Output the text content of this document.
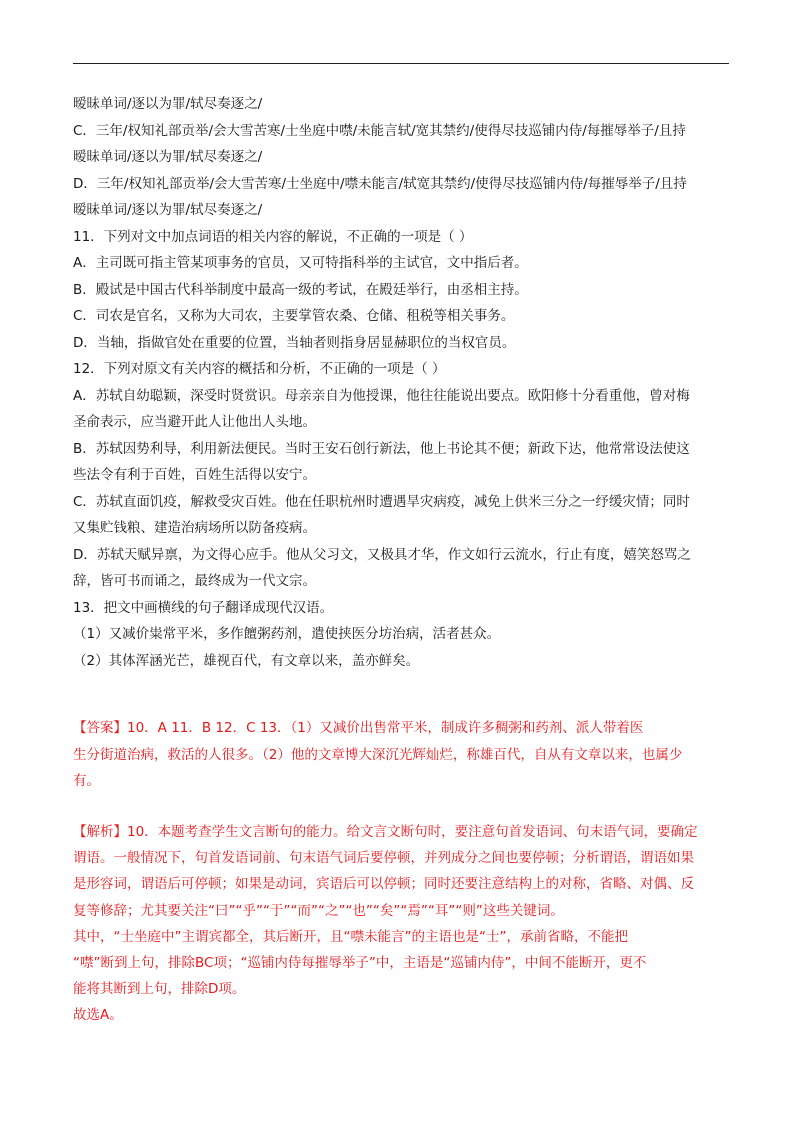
暧昧单词/逐以为罪/轼尽奏逐之/
C．三年/权知礼部贡举/会大雪苦寒/士坐庭中噤/未能言轼/宽其禁约/使得尽技巡铺内侍/每摧辱举子/且持
暧昧单词/逐以为罪/轼尽奏逐之/
D．三年/权知礼部贡举/会大雪苦寒/士坐庭中/噤未能言/轼宽其禁约/使得尽技巡铺内侍/每摧辱举子/且持
暧昧单词/逐以为罪/轼尽奏逐之/
11．下列对文中加点词语的相关内容的解说，不正确的一项是（ ）
A．主司既可指主管某项事务的官员，又可特指科举的主试官，文中指后者。
B．殿试是中国古代科举制度中最高一级的考试，在殿廷举行，由丞相主持。
C．司农是官名，又称为大司农，主要掌管农桑、仓储、租税等相关事务。
D．当轴，指做官处在重要的位置，当轴者则指身居显赫职位的当权官员。
12．下列对原文有关内容的概括和分析，不正确的一项是（ ）
A．苏轼自幼聪颖，深受时贤赏识。母亲亲自为他授课，他往往能说出要点。欧阳修十分看重他，曾对梅
圣俞表示，应当避开此人让他出人头地。
B．苏轼因势利导，利用新法便民。当时王安石创行新法，他上书论其不便；新政下达，他常常设法使这
些法令有利于百姓，百姓生活得以安宁。
C．苏轼直面饥疫，解救受灾百姓。他在任职杭州时遭遇旱灾病疫，减免上供米三分之一纾缓灾情；同时
又集贮钱粮、建造治病场所以防备疫病。
D．苏轼天赋异禀，为文得心应手。他从父习文，又极具才华，作文如行云流水，行止有度，嬉笑怒骂之
辞，皆可书而诵之，最终成为一代文宗。
13．把文中画横线的句子翻译成现代汉语。
（1）又减价粜常平米，多作饘粥药剂，遣使挟医分坊治病，活者甚众。
（2）其体浑涵光芒，雄视百代，有文章以来，盖亦鲜矣。
【答案】10．A 11．B 12．C 13．（1）又减价出售常平米，制成许多稠粥和药剂、派人带着医
生分街道治病，救活的人很多。（2）他的文章博大深沉光辉灿烂，称雄百代，自从有文章以来，也属少
有。
【解析】10．本题考查学生文言断句的能力。给文言文断句时，要注意句首发语词、句末语气词，要确定
谓语。一般情况下，句首发语词前、句末语气词后要停顿，并列成分之间也要停顿；分析谓语，谓语如果
是形容词，谓语后可停顿；如果是动词，宾语后可以停顿；同时还要注意结构上的对称，省略、对偶、反
复等修辞；尤其要关注“曰”“乎”“于”“而”“之”“也”“矣”“焉”“耳”“则”这些关键词。
其中，“士坐庭中”主谓宾都全，其后断开，且“噤未能言”的主语也是“士”，承前省略，不能把
“噤”断到上句，排除BC项；“巡铺内侍每摧辱举子”中，主语是“巡铺内侍”，中间不能断开，更不
能将其断到上句，排除D项。
故选A。
